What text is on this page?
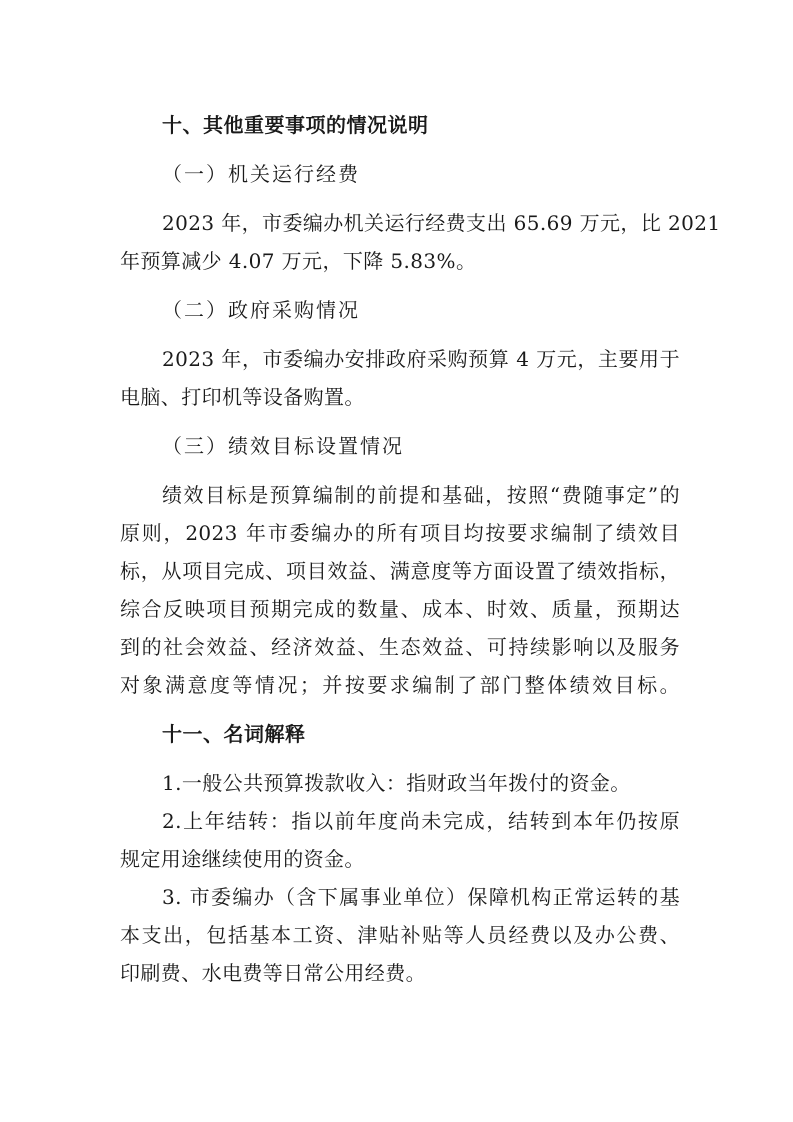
十、其他重要事项的情况说明
（一）机关运行经费
2023 年，市委编办机关运行经费支出 65.69 万元，比 2021
年预算减少 4.07 万元，下降 5.83%。
（二）政府采购情况
2023 年，市委编办安排政府采购预算 4 万元，主要用于
电脑、打印机等设备购置。
（三）绩效目标设置情况
绩效目标是预算编制的前提和基础，按照“费随事定”的
原则，2023 年市委编办的所有项目均按要求编制了绩效目
标，从项目完成、项目效益、满意度等方面设置了绩效指标，
综合反映项目预期完成的数量、成本、时效、质量，预期达
到的社会效益、经济效益、生态效益、可持续影响以及服务
对象满意度等情况；并按要求编制了部门整体绩效目标。
十一、名词解释
1.一般公共预算拨款收入：指财政当年拨付的资金。
2.上年结转：指以前年度尚未完成，结转到本年仍按原
规定用途继续使用的资金。
3. 市委编办（含下属事业单位）保障机构正常运转的基
本支出，包括基本工资、津贴补贴等人员经费以及办公费、
印刷费、水电费等日常公用经费。
